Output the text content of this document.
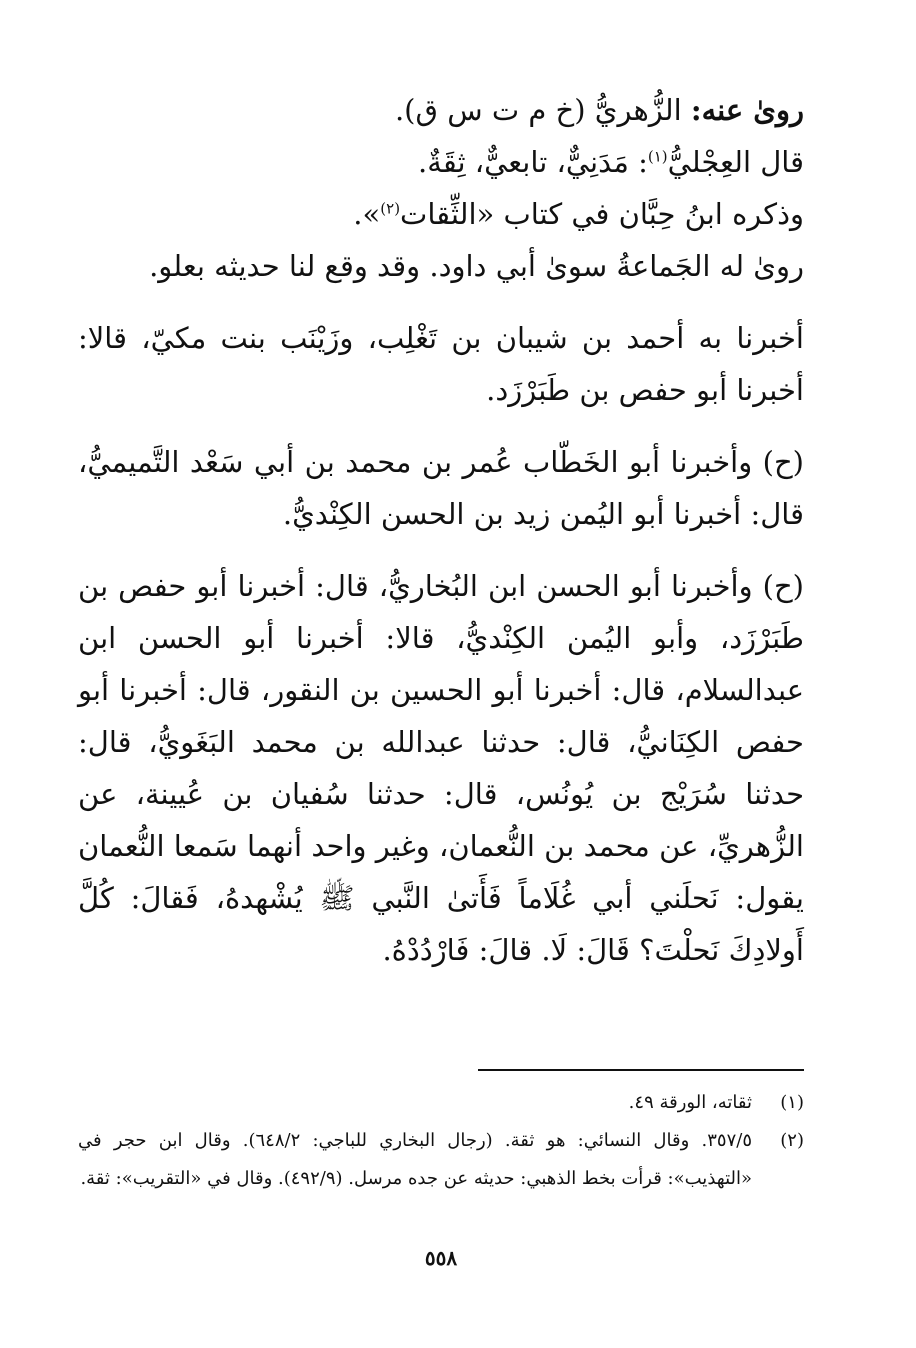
روىٰ عنه: الزُّهريُّ (خ م ت س ق).

قال العِجْليُّ$^{(١)}$: مَدَنِيٌّ، تابعيٌّ، ثِقَةٌ.

وذكره ابنُ حِبَّان في كتاب «الثِّقات$^{(٢)}$».

روىٰ له الجَماعةُ سوىٰ أبي داود. وقد وقع لنا حديثه بعلو.

أخبرنا به أحمد بن شيبان بن تَغْلِب، وزَيْنَب بنت مكيّ، قالا: أخبرنا أبو حفص بن طَبَرْزَد.

(ح) وأخبرنا أبو الخَطّاب عُمر بن محمد بن أبي سَعْد التَّميميُّ، قال: أخبرنا أبو اليُمن زيد بن الحسن الكِنْديُّ.

(ح) وأخبرنا أبو الحسن ابن البُخاريُّ، قال: أخبرنا أبو حفص بن طَبَرْزَد، وأبو اليُمن الكِنْديُّ، قالا: أخبرنا أبو الحسن ابن عبدالسلام، قال: أخبرنا أبو الحسين بن النقور، قال: أخبرنا أبو حفص الكِنَانيُّ، قال: حدثنا عبدالله بن محمد البَغَويُّ، قال: حدثنا سُرَيْج بن يُونُس، قال: حدثنا سُفيان بن عُيينة، عن الزُّهريِّ، عن محمد بن النُّعمان، وغير واحد أنهما سَمعا النُّعمان يقول: نَحلَني أبي غُلَاماً فَأَتىٰ النَّبي ﷺ يُشْهدهُ، فَقالَ: كُلَّ أَولادِكَ نَحلْتَ؟ قَالَ: لَا. قالَ: فَارْدُدْهُ.

(١)
ثقاته، الورقة ٤٩.
(٢)
٣٥٧/٥. وقال النسائي: هو ثقة. (رجال البخاري للباجي: ٦٤٨/٢). وقال ابن حجر في «التهذيب»: قرأت بخط الذهبي: حديثه عن جده مرسل. (٤٩٢/٩). وقال في «التقريب»: ثقة.
٥٥٨
